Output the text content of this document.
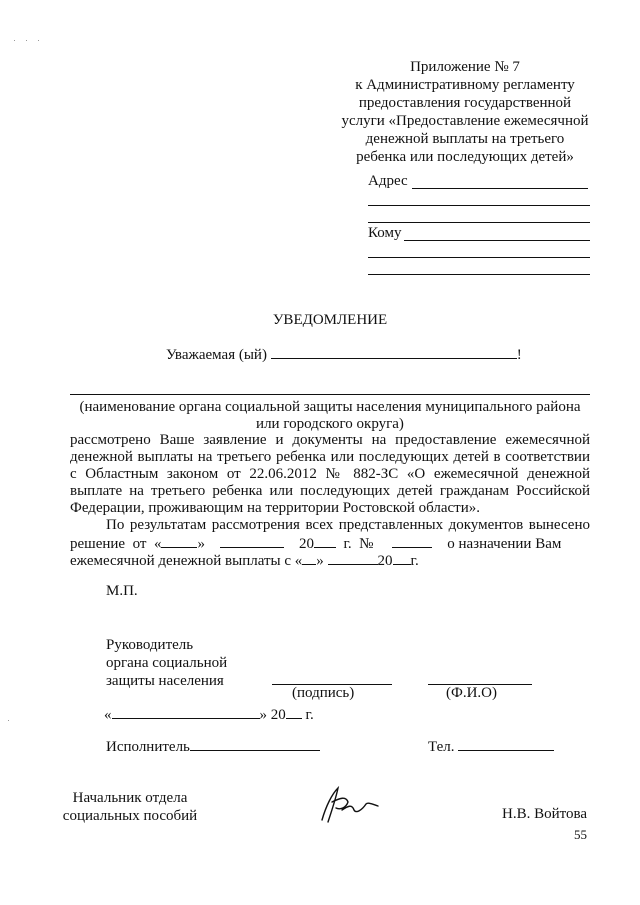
Приложение № 7
к Административному регламенту
предоставления государственной
услуги «Предоставление ежемесячной
денежной выплаты на третьего
ребенка или последующих детей»
Адрес
Кому
УВЕДОМЛЕНИЕ
Уважаемая (ый)	!
(наименование органа социальной защиты населения муниципального района
или городского округа)
рассмотрено Ваше заявление и документы на предоставление ежемесячной
денежной выплаты на третьего ребенка или последующих детей в соответствии
с Областным законом от 22.06.2012 № 882-ЗС «О ежемесячной денежной
выплате на третьего ребенка или последующих детей гражданам Российской
Федерации, проживающим на территории Ростовской области».
По результатам рассмотрения всех представленных документов вынесено
решение от « »	20 г. №	о назначении Вам
ежемесячной денежной выплаты с « »	20 г.
М.П.
Руководитель
органа социальной
защиты населения
(подпись)	(Ф.И.О)
«	» 20 г.
Исполнитель	Тел.
Начальник отдела
социальных пособий	Н.В. Войтова
55
